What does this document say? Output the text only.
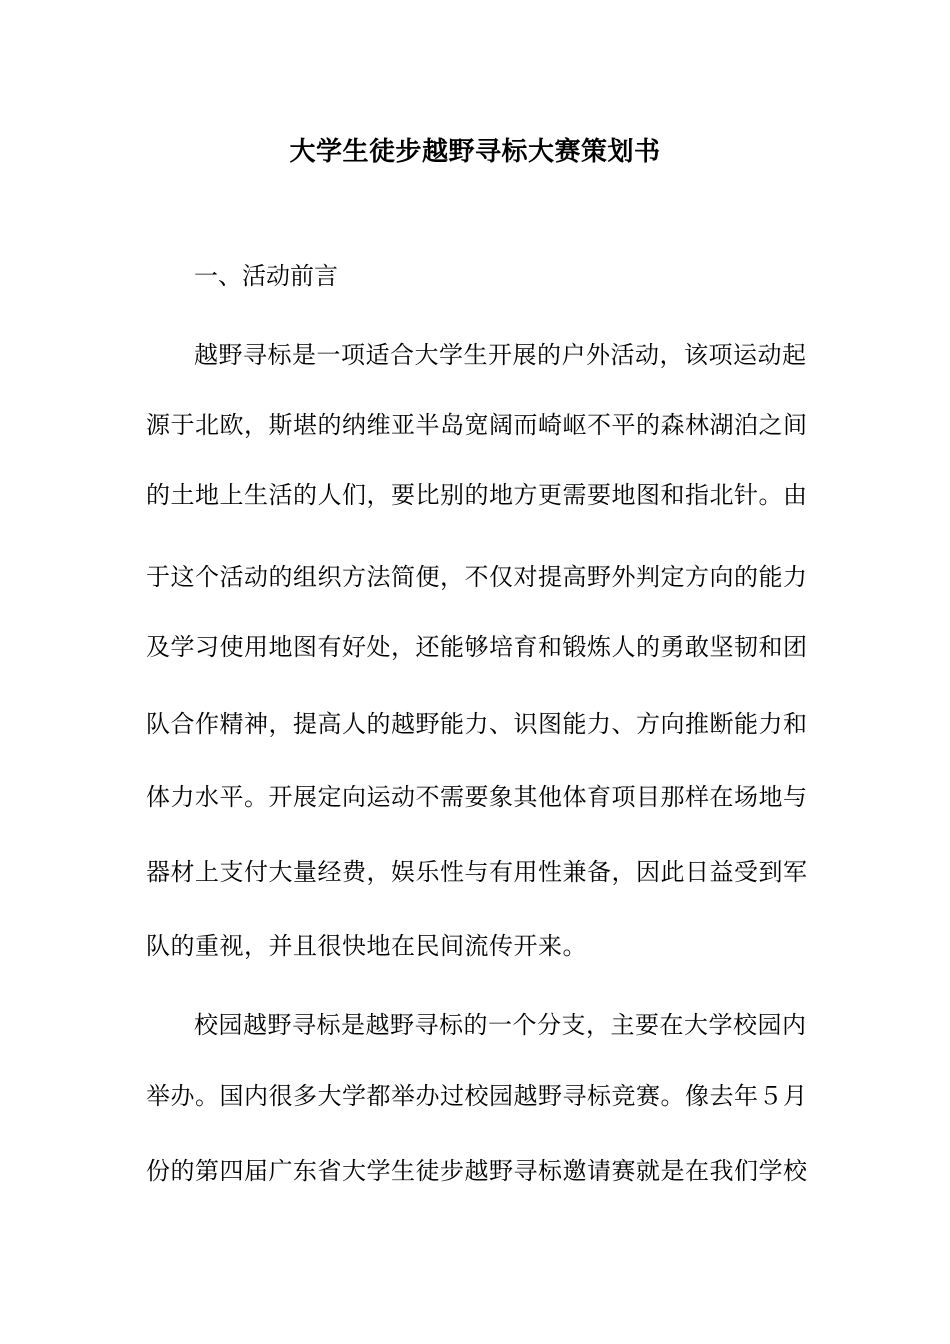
大学生徒步越野寻标大赛策划书
一、活动前言
越野寻标是一项适合大学生开展的户外活动，该项运动起
源于北欧，斯堪的纳维亚半岛宽阔而崎岖不平的森林湖泊之间
的土地上生活的人们，要比别的地方更需要地图和指北针。由
于这个活动的组织方法简便，不仅对提高野外判定方向的能力
及学习使用地图有好处，还能够培育和锻炼人的勇敢坚韧和团
队合作精神，提高人的越野能力、识图能力、方向推断能力和
体力水平。开展定向运动不需要象其他体育项目那样在场地与
器材上支付大量经费，娱乐性与有用性兼备，因此日益受到军
队的重视，并且很快地在民间流传开来。
校园越野寻标是越野寻标的一个分支，主要在大学校园内
举办。国内很多大学都举办过校园越野寻标竞赛。像去年５月
份的第四届广东省大学生徒步越野寻标邀请赛就是在我们学校
